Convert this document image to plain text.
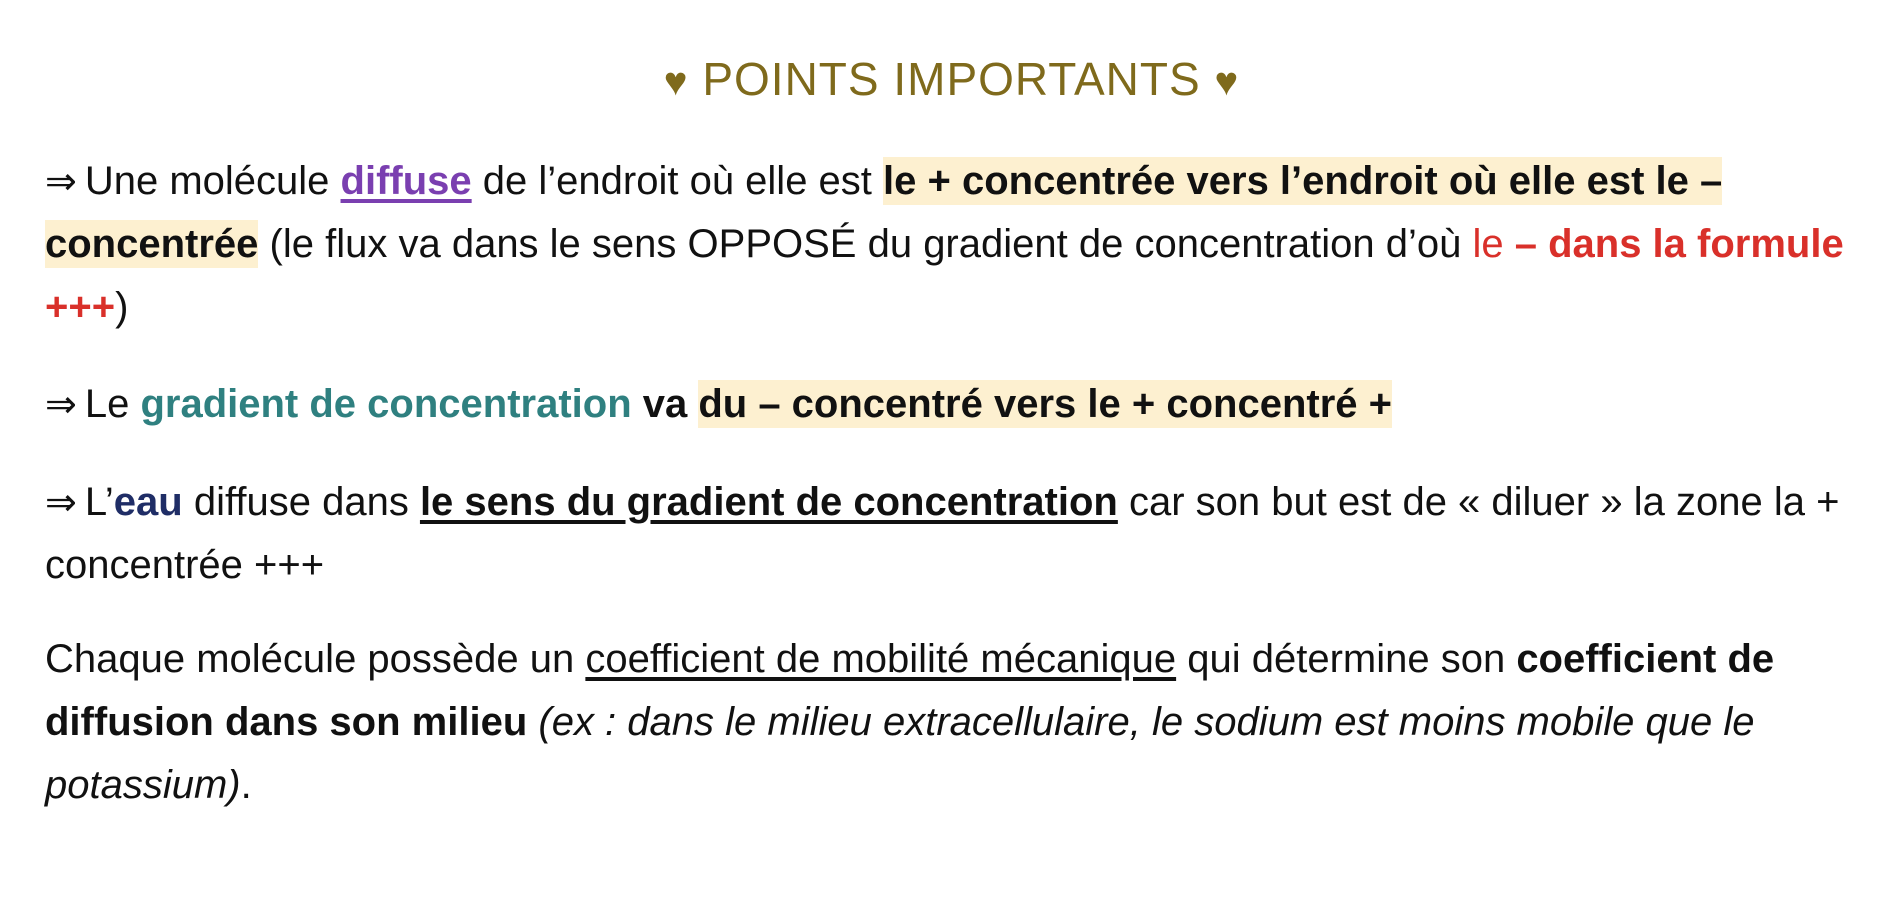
♥ POINTS IMPORTANTS ♥
⇒ Une molécule diffuse de l’endroit où elle est le + concentrée vers l’endroit où elle est le – concentrée (le flux va dans le sens OPPOSÉ du gradient de concentration d’où le – dans la formule +++)
⇒ Le gradient de concentration va du – concentré vers le + concentré +
⇒ L’eau diffuse dans le sens du gradient de concentration car son but est de « diluer » la zone la + concentrée +++
Chaque molécule possède un coefficient de mobilité mécanique qui détermine son coefficient de diffusion dans son milieu (ex : dans le milieu extracellulaire, le sodium est moins mobile que le potassium).
